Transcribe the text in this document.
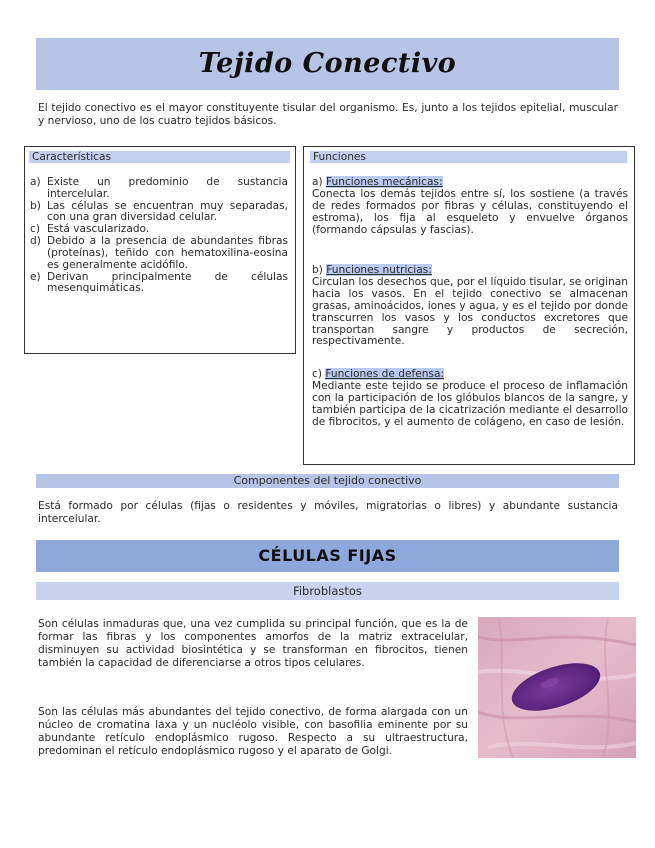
Tejido Conectivo
El tejido conectivo es el mayor constituyente tisular del organismo. Es, junto a los tejidos epitelial, muscular y nervioso, uno de los cuatro tejidos básicos.
Características
a) Existe un predominio de sustancia intercelular.
b) Las células se encuentran muy separadas, con una gran diversidad celular.
c) Está vascularizado.
d) Debido a la presencia de abundantes fibras (proteínas), teñido con hematoxilina-eosina es generalmente acidófilo.
e) Derivan principalmente de células mesenquimáticas.
Funciones
a) Funciones mecánicas:
Conecta los demás tejidos entre sí, los sostiene (a través de redes formados por fibras y células, constituyendo el estroma), los fija al esqueleto y envuelve órganos (formando cápsulas y fascias).
b) Funciones nutricias:
Circulan los desechos que, por el líquido tisular, se originan hacia los vasos. En el tejido conectivo se almacenan grasas, aminoácidos, iones y agua, y es el tejido por donde transcurren los vasos y los conductos excretores que transportan sangre y productos de secreción, respectivamente.
c) Funciones de defensa:
Mediante este tejido se produce el proceso de inflamación con la participación de los glóbulos blancos de la sangre, y también participa de la cicatrización mediante el desarrollo de fibrocitos, y el aumento de colágeno, en caso de lesión.
Componentes del tejido conectivo
Está formado por células (fijas o residentes y móviles, migratorias o libres) y abundante sustancia intercelular.
CÉLULAS FIJAS
Fibroblastos
Son células inmaduras que, una vez cumplida su principal función, que es la de formar las fibras y los componentes amorfos de la matriz extracelular, disminuyen su actividad biosintética y se transforman en fibrocitos, tienen también la capacidad de diferenciarse a otros tipos celulares.
Son las células más abundantes del tejido conectivo, de forma alargada con un núcleo de cromatina laxa y un nucléolo visible, con basofilia eminente por su abundante retículo endoplásmico rugoso. Respecto a su ultraestructura, predominan el retículo endoplásmico rugoso y el aparato de Golgi.
